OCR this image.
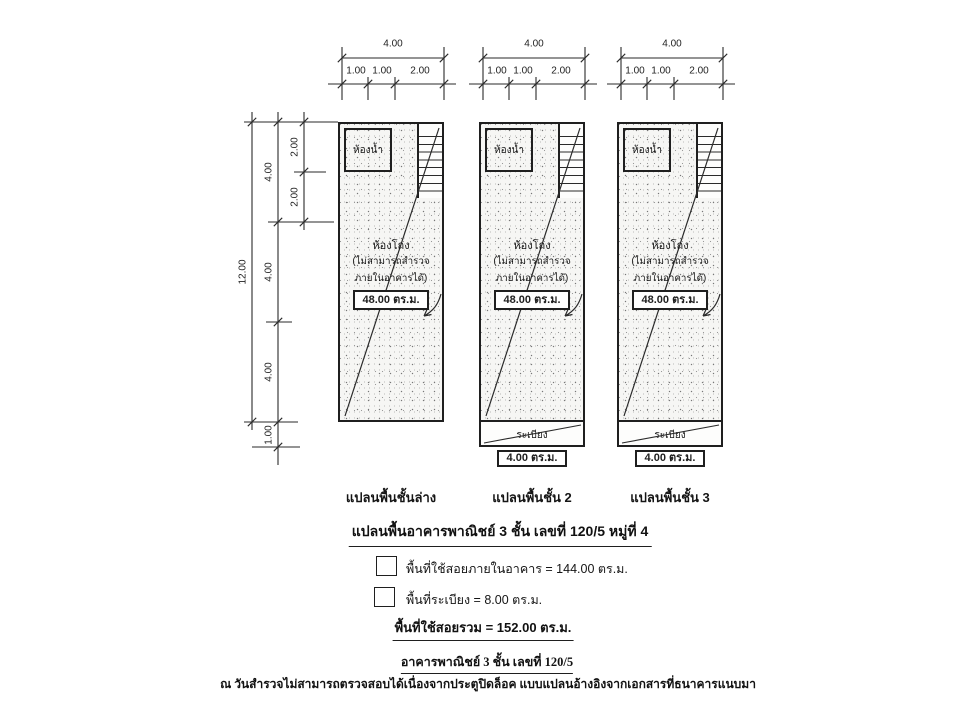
4.00
1.00 1.00 2.00
4.00
1.00 1.00 2.00
4.00
1.00 1.00 2.00
12.00
4.00
4.00
4.00
1.00
2.00
2.00
ห้องน้ำ
ห้องโถง
(ไม่สามารถสำรวจ
ภายในอาคารได้)
48.00 ตร.ม.
แปลนพื้นชั้นล่าง
ห้องน้ำ
ห้องโถง
(ไม่สามารถสำรวจ
ภายในอาคารได้)
48.00 ตร.ม.
ระเบียง
4.00 ตร.ม.
แปลนพื้นชั้น 2
ห้องน้ำ
ห้องโถง
(ไม่สามารถสำรวจ
ภายในอาคารได้)
48.00 ตร.ม.
ระเบียง
4.00 ตร.ม.
แปลนพื้นชั้น 3
แปลนพื้นอาคารพาณิชย์ 3 ชั้น เลขที่ 120/5 หมู่ที่ 4
พื้นที่ใช้สอยภายในอาคาร = 144.00 ตร.ม.
พื้นที่ระเบียง = 8.00 ตร.ม.
พื้นที่ใช้สอยรวม = 152.00 ตร.ม.
อาคารพาณิชย์ 3 ชั้น เลขที่ 120/5
ณ วันสำรวจไม่สามารถตรวจสอบได้เนื่องจากประตูปิดล็อค แบบแปลนอ้างอิงจากเอกสารที่ธนาคารแนบมา
